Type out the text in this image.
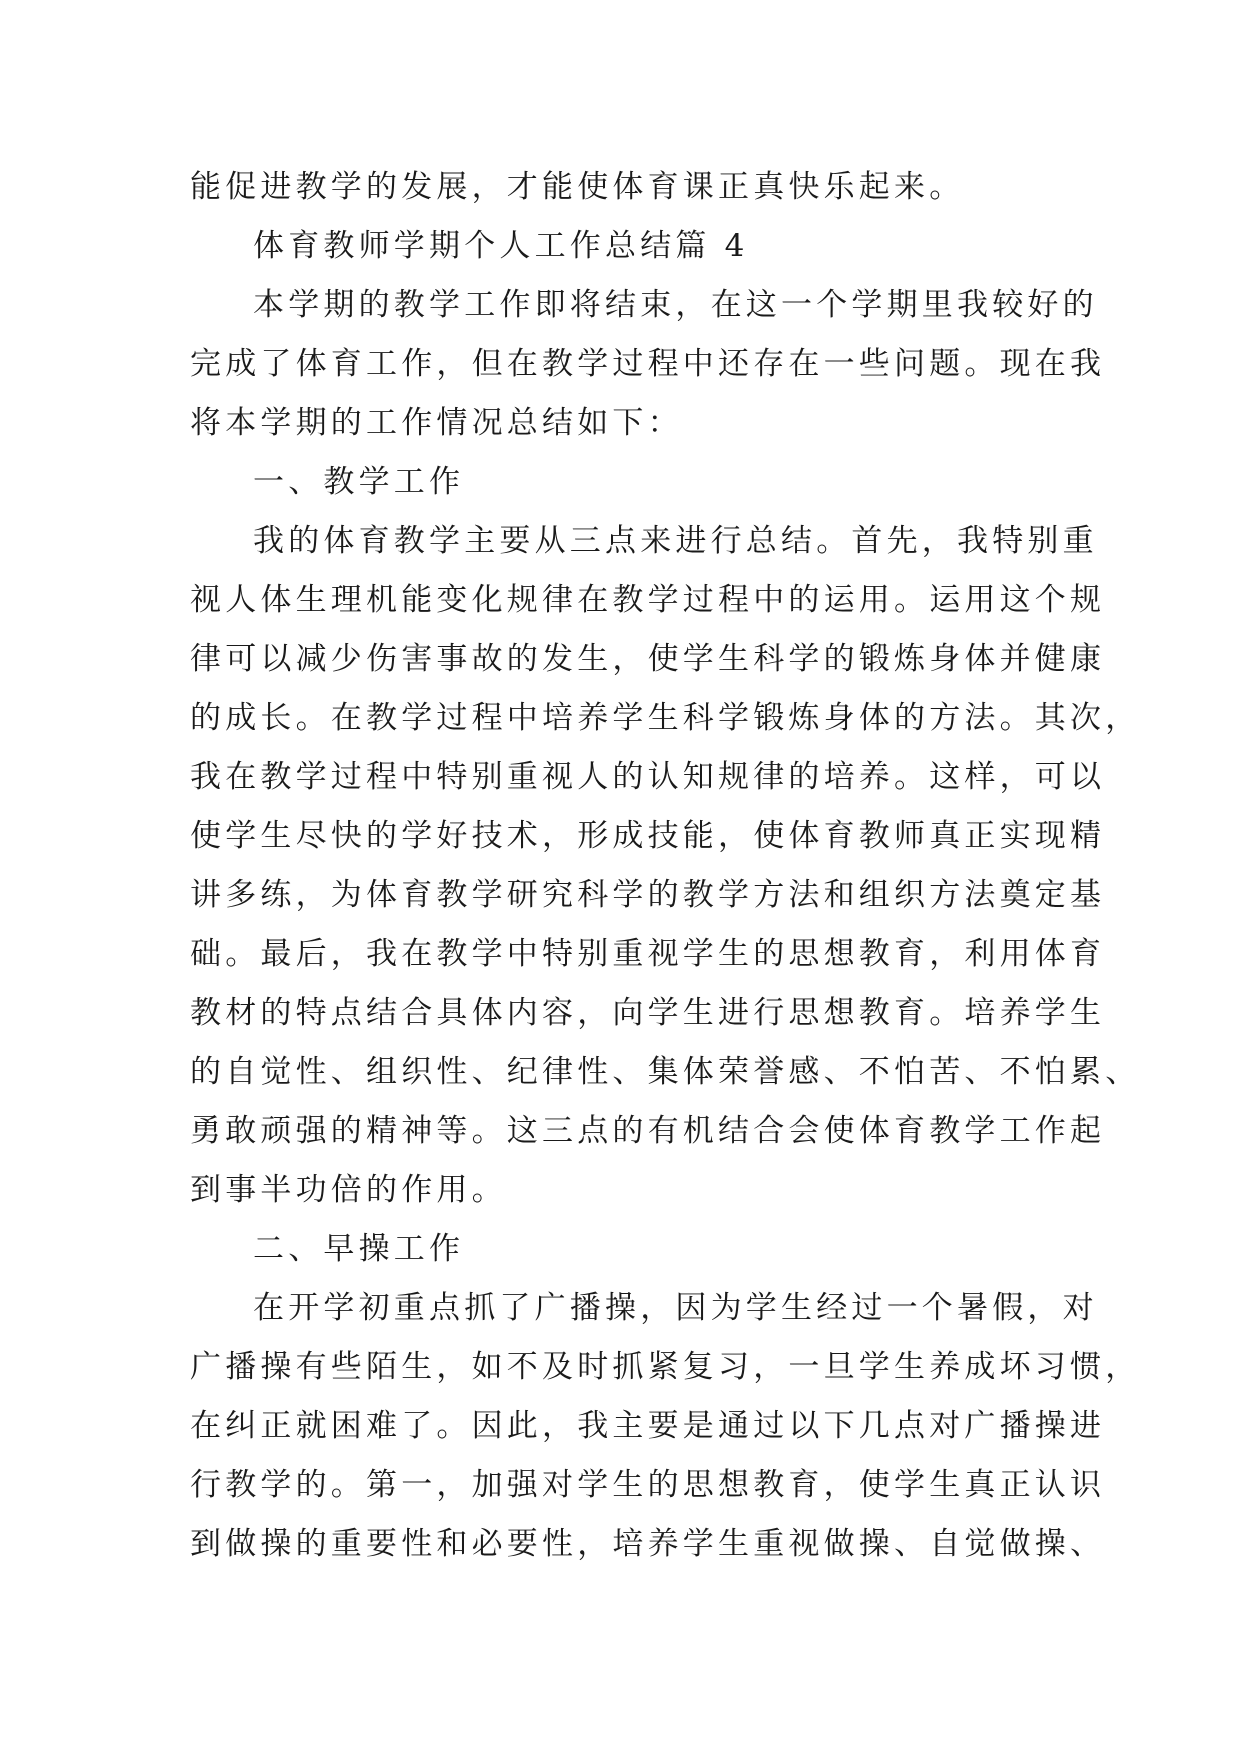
能促进教学的发展，才能使体育课正真快乐起来。
体育教师学期个人工作总结篇 4
本学期的教学工作即将结束，在这一个学期里我较好的
完成了体育工作，但在教学过程中还存在一些问题。现在我
将本学期的工作情况总结如下：
一、教学工作
我的体育教学主要从三点来进行总结。首先，我特别重
视人体生理机能变化规律在教学过程中的运用。运用这个规
律可以减少伤害事故的发生，使学生科学的锻炼身体并健康
的成长。在教学过程中培养学生科学锻炼身体的方法。其次，
我在教学过程中特别重视人的认知规律的培养。这样，可以
使学生尽快的学好技术，形成技能，使体育教师真正实现精
讲多练，为体育教学研究科学的教学方法和组织方法奠定基
础。最后，我在教学中特别重视学生的思想教育，利用体育
教材的特点结合具体内容，向学生进行思想教育。培养学生
的自觉性、组织性、纪律性、集体荣誉感、不怕苦、不怕累、
勇敢顽强的精神等。这三点的有机结合会使体育教学工作起
到事半功倍的作用。
二、早操工作
在开学初重点抓了广播操，因为学生经过一个暑假，对
广播操有些陌生，如不及时抓紧复习，一旦学生养成坏习惯，
在纠正就困难了。因此，我主要是通过以下几点对广播操进
行教学的。第一，加强对学生的思想教育，使学生真正认识
到做操的重要性和必要性，培养学生重视做操、自觉做操、
